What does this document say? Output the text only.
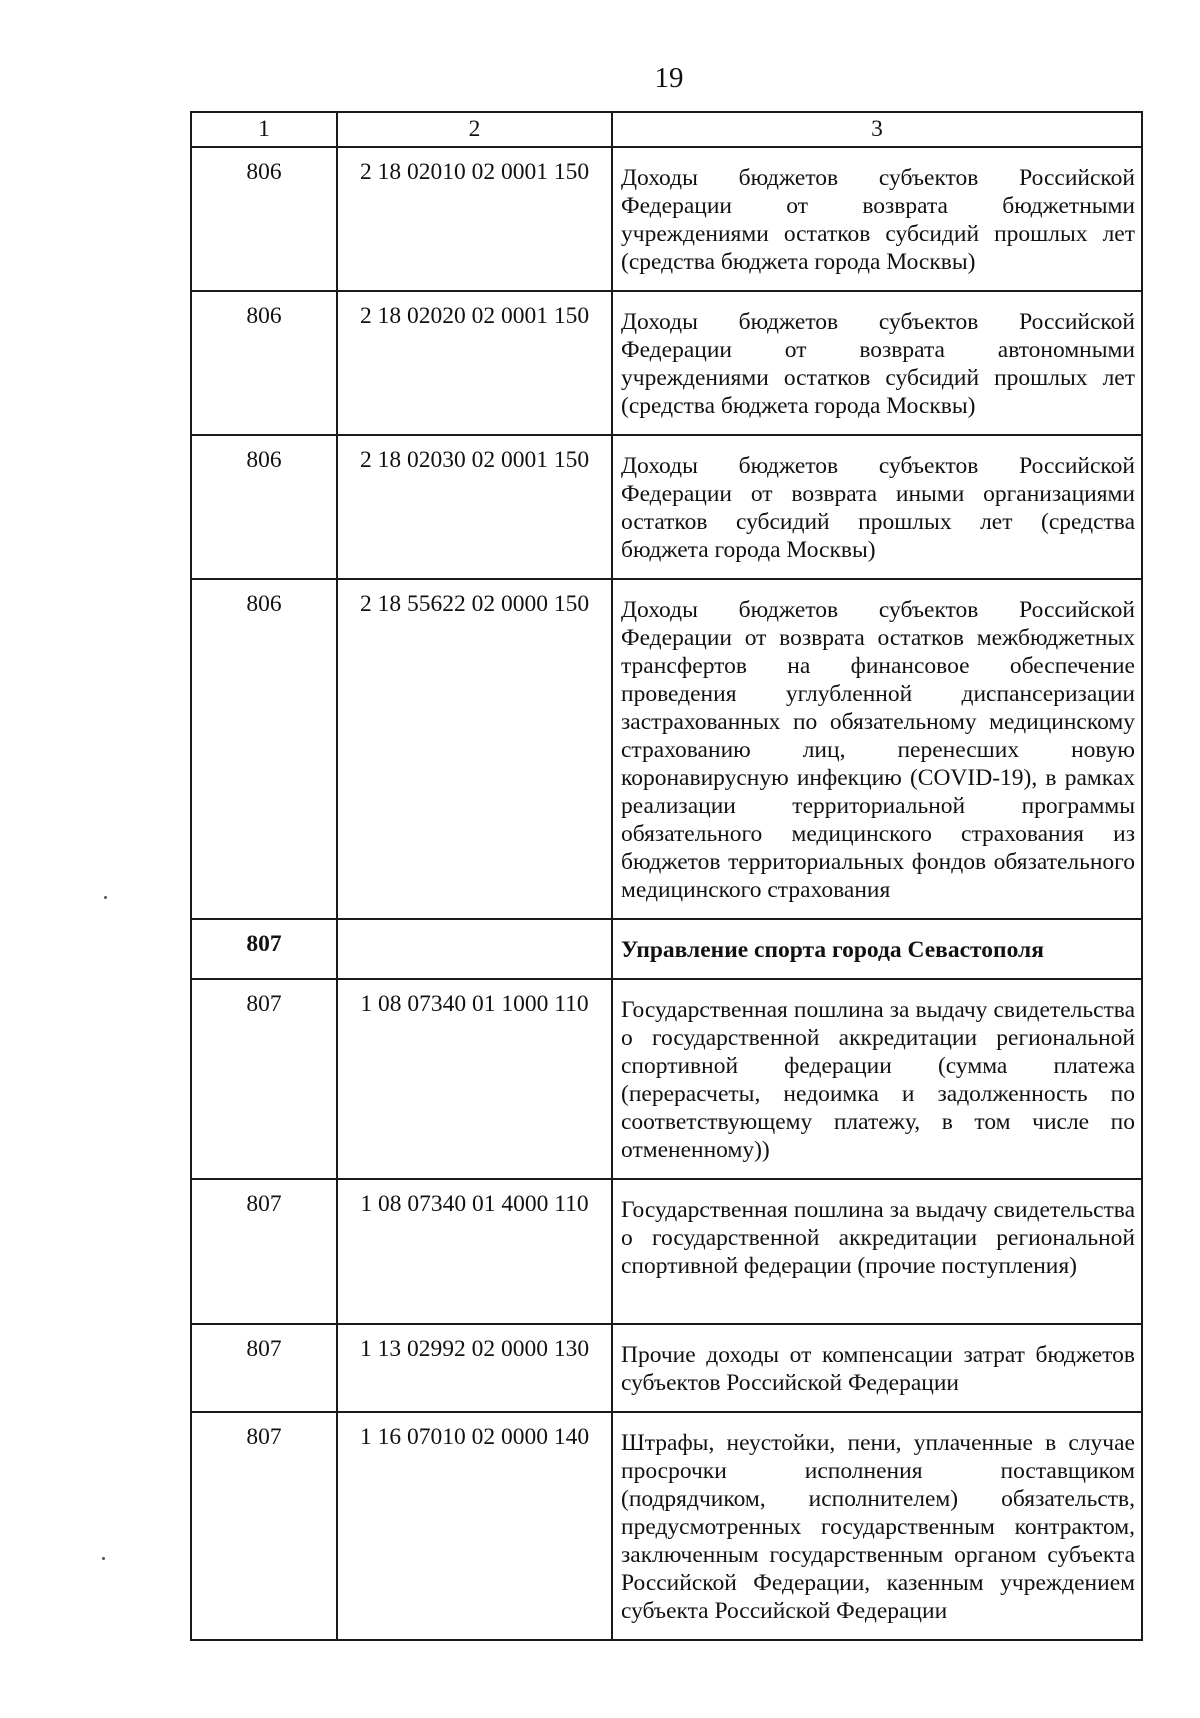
19
1	2	3
806	2 18 02010 02 0001 150	Доходы бюджетов субъектов Российской Федерации от возврата бюджетными учреждениями остатков субсидий прошлых лет (средства бюджета города Москвы)
806	2 18 02020 02 0001 150	Доходы бюджетов субъектов Российской Федерации от возврата автономными учреждениями остатков субсидий прошлых лет (средства бюджета города Москвы)
806	2 18 02030 02 0001 150	Доходы бюджетов субъектов Российской Федерации от возврата иными организациями остатков субсидий прошлых лет (средства бюджета города Москвы)
806	2 18 55622 02 0000 150	Доходы бюджетов субъектов Российской Федерации от возврата остатков межбюджетных трансфертов на финансовое обеспечение проведения углубленной диспансеризации застрахованных по обязательному медицинскому страхованию лиц, перенесших новую коронавирусную инфекцию (COVID-19), в рамках реализации территориальной программы обязательного медицинского страхования из бюджетов территориальных фондов обязательного медицинского страхования
807		Управление спорта города Севастополя
807	1 08 07340 01 1000 110	Государственная пошлина за выдачу свидетельства о государственной аккредитации региональной спортивной федерации (сумма платежа (перерасчеты, недоимка и задолженность по соответствующему платежу, в том числе по отмененному))
807	1 08 07340 01 4000 110	Государственная пошлина за выдачу свидетельства о государственной аккредитации региональной спортивной федерации (прочие поступления)
807	1 13 02992 02 0000 130	Прочие доходы от компенсации затрат бюджетов субъектов Российской Федерации
807	1 16 07010 02 0000 140	Штрафы, неустойки, пени, уплаченные в случае просрочки исполнения поставщиком (подрядчиком, исполнителем) обязательств, предусмотренных государственным контрактом, заключенным государственным органом субъекта Российской Федерации, казенным учреждением субъекта Российской Федерации
